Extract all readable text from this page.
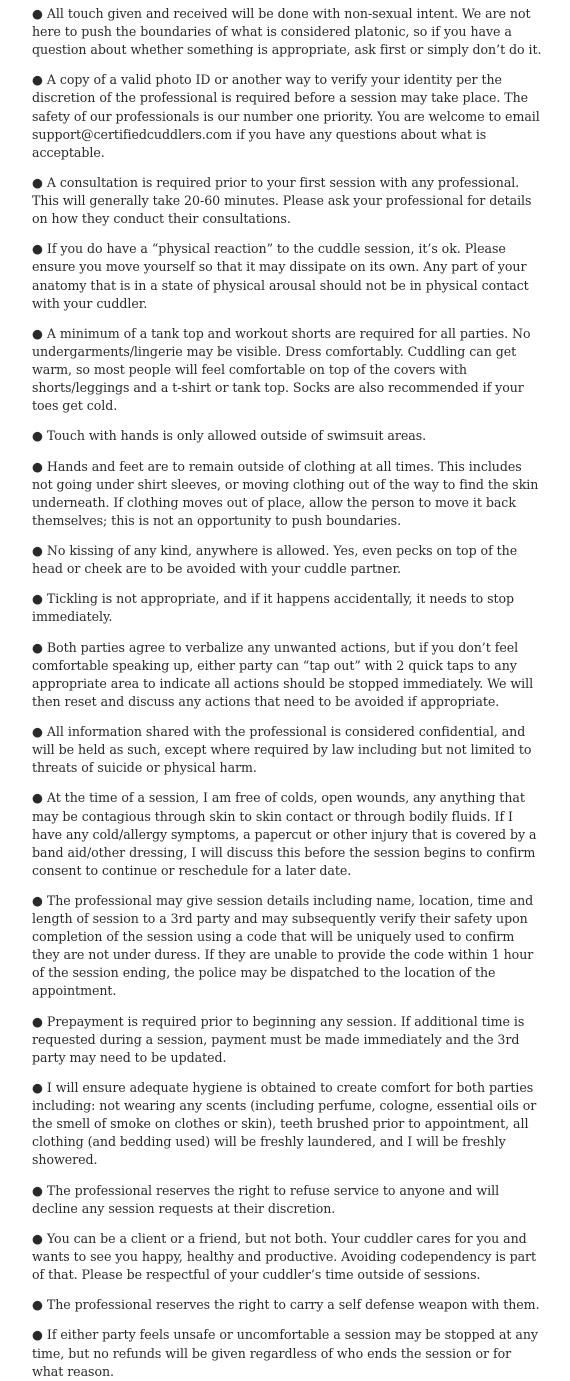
● All touch given and received will be done with non-sexual intent. We are not here to push the boundaries of what is considered platonic, so if you have a question about whether something is appropriate, ask first or simply don’t do it.

● A copy of a valid photo ID or another way to verify your identity per the discretion of the professional is required before a session may take place. The safety of our professionals is our number one priority. You are welcome to email support@certifiedcuddlers.com if you have any questions about what is acceptable.

● A consultation is required prior to your first session with any professional. This will generally take 20-60 minutes. Please ask your professional for details on how they conduct their consultations.

● If you do have a “physical reaction” to the cuddle session, it’s ok. Please ensure you move yourself so that it may dissipate on its own. Any part of your anatomy that is in a state of physical arousal should not be in physical contact with your cuddler.

● A minimum of a tank top and workout shorts are required for all parties. No undergarments/lingerie may be visible. Dress comfortably. Cuddling can get warm, so most people will feel comfortable on top of the covers with shorts/leggings and a t-shirt or tank top. Socks are also recommended if your toes get cold.

● Touch with hands is only allowed outside of swimsuit areas.

● Hands and feet are to remain outside of clothing at all times. This includes not going under shirt sleeves, or moving clothing out of the way to find the skin underneath. If clothing moves out of place, allow the person to move it back themselves; this is not an opportunity to push boundaries.

● No kissing of any kind, anywhere is allowed. Yes, even pecks on top of the head or cheek are to be avoided with your cuddle partner.

● Tickling is not appropriate, and if it happens accidentally, it needs to stop immediately.

● Both parties agree to verbalize any unwanted actions, but if you don’t feel comfortable speaking up, either party can “tap out” with 2 quick taps to any appropriate area to indicate all actions should be stopped immediately. We will then reset and discuss any actions that need to be avoided if appropriate.

● All information shared with the professional is considered confidential, and will be held as such, except where required by law including but not limited to threats of suicide or physical harm.

● At the time of a session, I am free of colds, open wounds, any anything that may be contagious through skin to skin contact or through bodily fluids. If I have any cold/allergy symptoms, a papercut or other injury that is covered by a band aid/other dressing, I will discuss this before the session begins to confirm consent to continue or reschedule for a later date.

● The professional may give session details including name, location, time and length of session to a 3rd party and may subsequently verify their safety upon completion of the session using a code that will be uniquely used to confirm they are not under duress. If they are unable to provide the code within 1 hour of the session ending, the police may be dispatched to the location of the appointment.

● Prepayment is required prior to beginning any session. If additional time is requested during a session, payment must be made immediately and the 3rd party may need to be updated.

● I will ensure adequate hygiene is obtained to create comfort for both parties including: not wearing any scents (including perfume, cologne, essential oils or the smell of smoke on clothes or skin), teeth brushed prior to appointment, all clothing (and bedding used) will be freshly laundered, and I will be freshly showered.

● The professional reserves the right to refuse service to anyone and will decline any session requests at their discretion.

● You can be a client or a friend, but not both. Your cuddler cares for you and wants to see you happy, healthy and productive. Avoiding codependency is part of that. Please be respectful of your cuddler’s time outside of sessions.

● The professional reserves the right to carry a self defense weapon with them.

● If either party feels unsafe or uncomfortable a session may be stopped at any time, but no refunds will be given regardless of who ends the session or for what reason.
